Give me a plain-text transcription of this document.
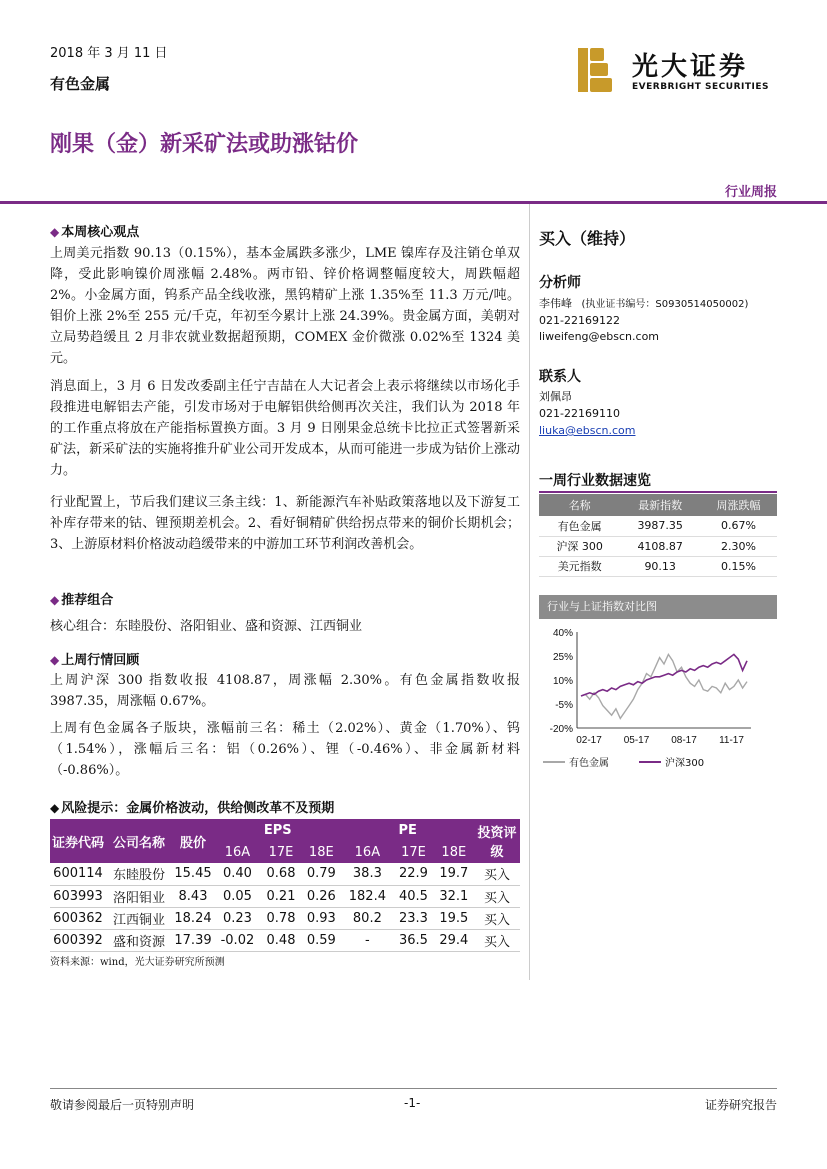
2018 年 3 月 11 日
有色金属
光大证券
EVERBRIGHT SECURITIES
刚果（金）新采矿法或助涨钴价
行业周报
◆ 本周核心观点
上周美元指数 90.13（0.15%），基本金属跌多涨少，LME 镍库存及注销仓单双降，受此影响镍价周涨幅 2.48%。两市铅、锌价格调整幅度较大，周跌幅超 2%。小金属方面，钨系产品全线收涨，黑钨精矿上涨 1.35%至 11.3 万元/吨。钼价上涨 2%至 255 元/千克，年初至今累计上涨 24.39%。贵金属方面，美朝对立局势趋缓且 2 月非农就业数据超预期，COMEX 金价微涨 0.02%至 1324 美元。
消息面上，3 月 6 日发改委副主任宁吉喆在人大记者会上表示将继续以市场化手段推进电解铝去产能，引发市场对于电解铝供给侧再次关注，我们认为 2018 年的工作重点将放在产能指标置换方面。3 月 9 日刚果金总统卡比拉正式签署新采矿法，新采矿法的实施将推升矿业公司开发成本，从而可能进一步成为钴价上涨动力。
行业配置上，节后我们建议三条主线：1、新能源汽车补贴政策落地以及下游复工补库存带来的钴、锂预期差机会。2、看好铜精矿供给拐点带来的铜价长期机会；3、上游原材料价格波动趋缓带来的中游加工环节利润改善机会。
◆ 推荐组合
核心组合：东睦股份、洛阳钼业、盛和资源、江西铜业
◆ 上周行情回顾
上周沪深 300 指数收报 4108.87，周涨幅 2.30%。有色金属指数收报 3987.35，周涨幅 0.67%。
上周有色金属各子版块，涨幅前三名：稀土（2.02%）、黄金（1.70%）、钨（1.54%），涨幅后三名：铝（0.26%）、锂（-0.46%）、非金属新材料（-0.86%）。
◆ 风险提示：金属价格波动，供给侧改革不及预期
证券代码	公司名称	股价	EPS			PE			投资评级
			16A	17E	18E	16A	17E	18E	
600114	东睦股份	15.45	0.40	0.68	0.79	38.3	22.9	19.7	买入
603993	洛阳钼业	8.43	0.05	0.21	0.26	182.4	40.5	32.1	买入
600362	江西铜业	18.24	0.23	0.78	0.93	80.2	23.3	19.5	买入
600392	盛和资源	17.39	-0.02	0.48	0.59	-	36.5	29.4	买入
资料来源：wind，光大证券研究所预测
买入（维持）
分析师
李伟峰 (执业证书编号：S0930514050002)
021-22169122
liweifeng@ebscn.com
联系人
刘佩昂
021-22169110
liuka@ebscn.com
一周行业数据速览
名称	最新指数	周涨跌幅
有色金属	3987.35	0.67%
沪深 300	4108.87	2.30%
美元指数	90.13	0.15%
行业与上证指数对比图
40%
25%
10%
-5%
-20%
02-17 05-17 08-17 11-17
有色金属	沪深300
敬请参阅最后一页特别声明	-1-	证券研究报告
